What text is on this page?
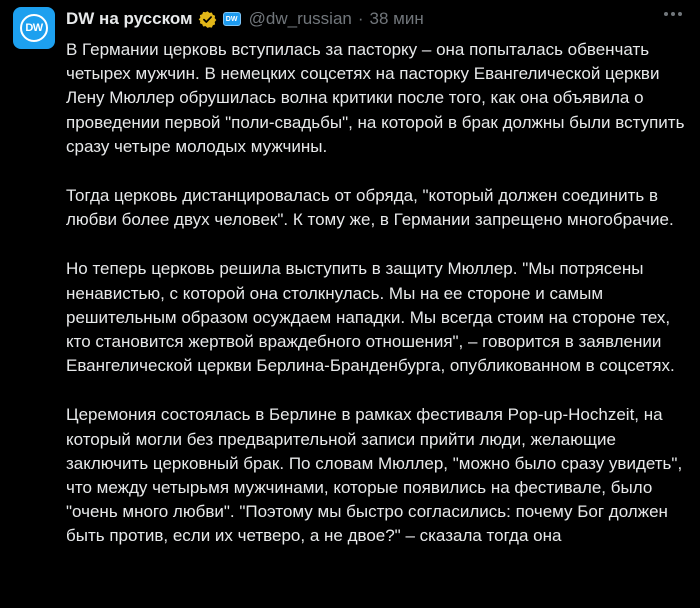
DW	DW на русском	DW @dw_russian · 38 мин

В Германии церковь вступилась за пасторку – она попыталась обвенчать четырех мужчин. В немецких соцсетях на пасторку Евангелической церкви Лену Мюллер обрушилась волна критики после того, как она объявила о проведении первой "поли-свадьбы", на которой в брак должны были вступить сразу четыре молодых мужчины.

Тогда церковь дистанцировалась от обряда, "который должен соединить в любви более двух человек". К тому же, в Германии запрещено многобрачие.

Но теперь церковь решила выступить в защиту Мюллер. "Мы потрясены ненавистью, с которой она столкнулась. Мы на ее стороне и самым решительным образом осуждаем нападки. Мы всегда стоим на стороне тех, кто становится жертвой враждебного отношения", – говорится в заявлении Евангелической церкви Берлина-Бранденбурга, опубликованном в соцсетях.

Церемония состоялась в Берлине в рамках фестиваля Pop-up-Hochzeit, на который могли без предварительной записи прийти люди, желающие заключить церковный брак. По словам Мюллер, "можно было сразу увидеть", что между четырьмя мужчинами, которые появились на фестивале, было "очень много любви". "Поэтому мы быстро согласились: почему Бог должен быть против, если их четверо, а не двое?" – сказала тогда она
